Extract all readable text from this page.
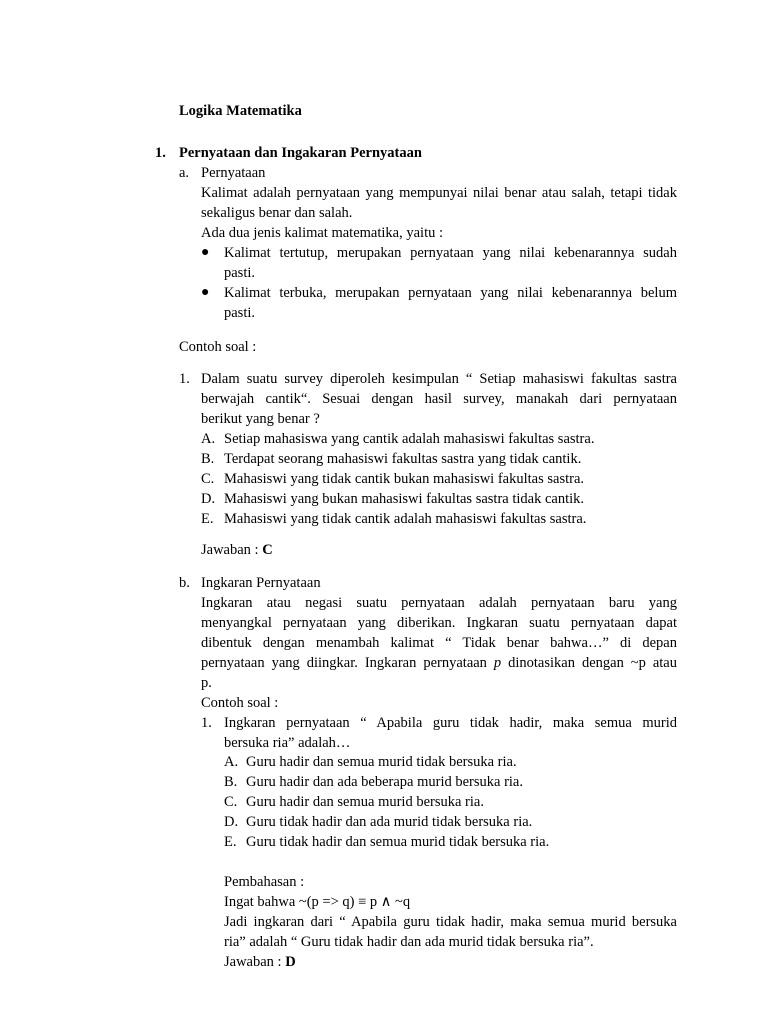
Logika Matematika

1. Pernyataan dan Ingakaran Pernyataan

a. Pernyataan

Kalimat adalah pernyataan yang mempunyai nilai benar atau salah, tetapi tidak

sekaligus benar dan salah.

Ada dua jenis kalimat matematika, yaitu :

● Kalimat tertutup, merupakan pernyataan yang nilai kebenarannya sudah

pasti.

● Kalimat terbuka, merupakan pernyataan yang nilai kebenarannya belum

pasti.

Contoh soal :

1. Dalam suatu survey diperoleh kesimpulan “ Setiap mahasiswi fakultas sastra

berwajah cantik“. Sesuai dengan hasil survey, manakah dari pernyataan

berikut yang benar ?

A. Setiap mahasiswa yang cantik adalah mahasiswi fakultas sastra.
B. Terdapat seorang mahasiswi fakultas sastra yang tidak cantik.
C. Mahasiswi yang tidak cantik bukan mahasiswi fakultas sastra.
D. Mahasiswi yang bukan mahasiswi fakultas sastra tidak cantik.
E. Mahasiswi yang tidak cantik adalah mahasiswi fakultas sastra.

Jawaban : C

b. Ingkaran Pernyataan

Ingkaran atau negasi suatu pernyataan adalah pernyataan baru yang

menyangkal pernyataan yang diberikan. Ingkaran suatu pernyataan dapat

dibentuk dengan menambah kalimat “ Tidak benar bahwa…” di depan

pernyataan yang diingkar. Ingkaran pernyataan p dinotasikan dengan ~p atau

p.

Contoh soal :

1. Ingkaran pernyataan “ Apabila guru tidak hadir, maka semua murid

bersuka ria” adalah…

A. Guru hadir dan semua murid tidak bersuka ria.
B. Guru hadir dan ada beberapa murid bersuka ria.
C. Guru hadir dan semua murid bersuka ria.
D. Guru tidak hadir dan ada murid tidak bersuka ria.
E. Guru tidak hadir dan semua murid tidak bersuka ria.

Pembahasan :

Ingat bahwa ~(p => q) ≡ p ∧ ~q

Jadi ingkaran dari “ Apabila guru tidak hadir, maka semua murid bersuka

ria” adalah “ Guru tidak hadir dan ada murid tidak bersuka ria”.

Jawaban : D
